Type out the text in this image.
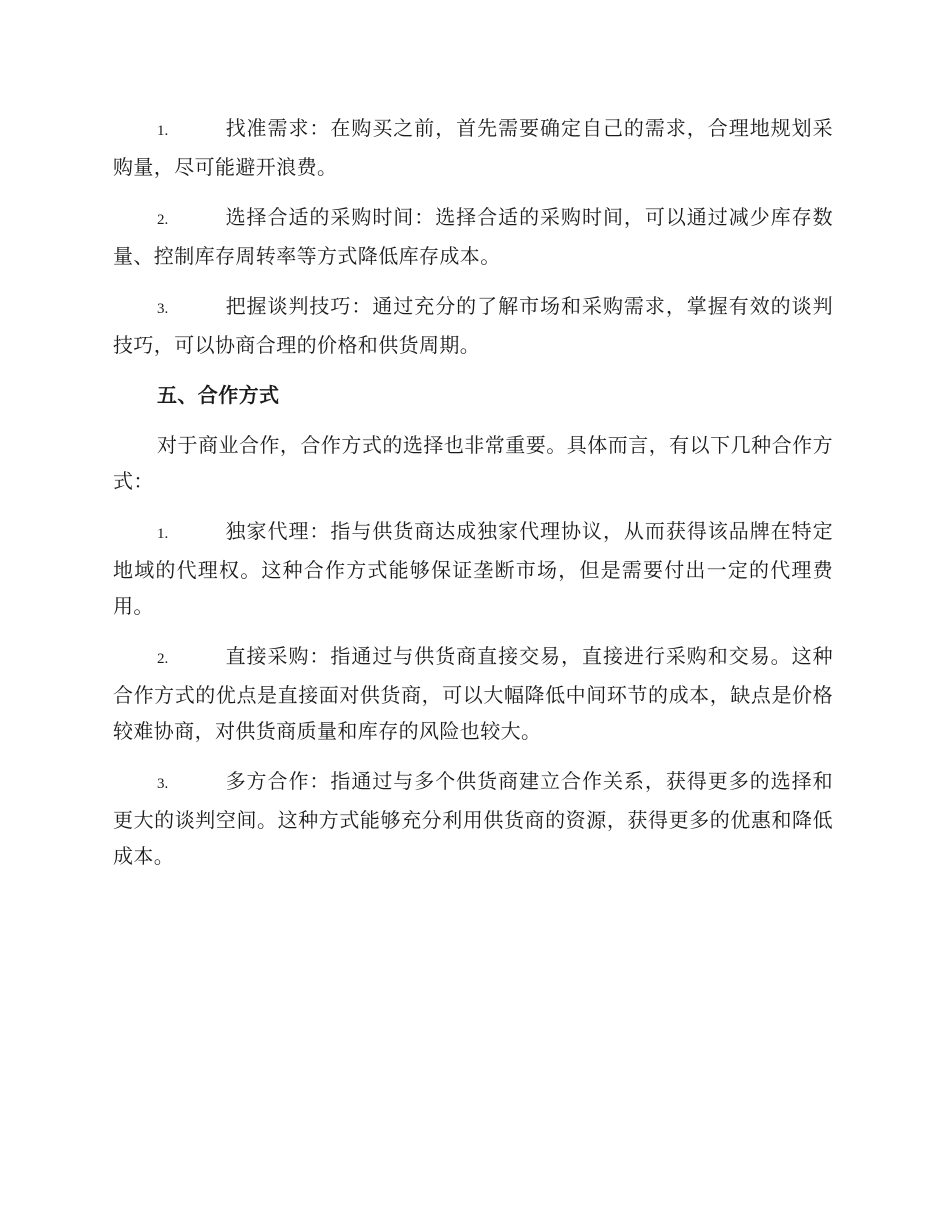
1.	找准需求：在购买之前，首先需要确定自己的需求，合理地规划采购量，尽可能避开浪费。

2.	选择合适的采购时间：选择合适的采购时间，可以通过减少库存数量、控制库存周转率等方式降低库存成本。

3.	把握谈判技巧：通过充分的了解市场和采购需求，掌握有效的谈判技巧，可以协商合理的价格和供货周期。

五、合作方式

对于商业合作，合作方式的选择也非常重要。具体而言，有以下几种合作方式：

1.	独家代理：指与供货商达成独家代理协议，从而获得该品牌在特定地域的代理权。这种合作方式能够保证垄断市场，但是需要付出一定的代理费用。

2.	直接采购：指通过与供货商直接交易，直接进行采购和交易。这种合作方式的优点是直接面对供货商，可以大幅降低中间环节的成本，缺点是价格较难协商，对供货商质量和库存的风险也较大。

3.	多方合作：指通过与多个供货商建立合作关系，获得更多的选择和更大的谈判空间。这种方式能够充分利用供货商的资源，获得更多的优惠和降低成本。
